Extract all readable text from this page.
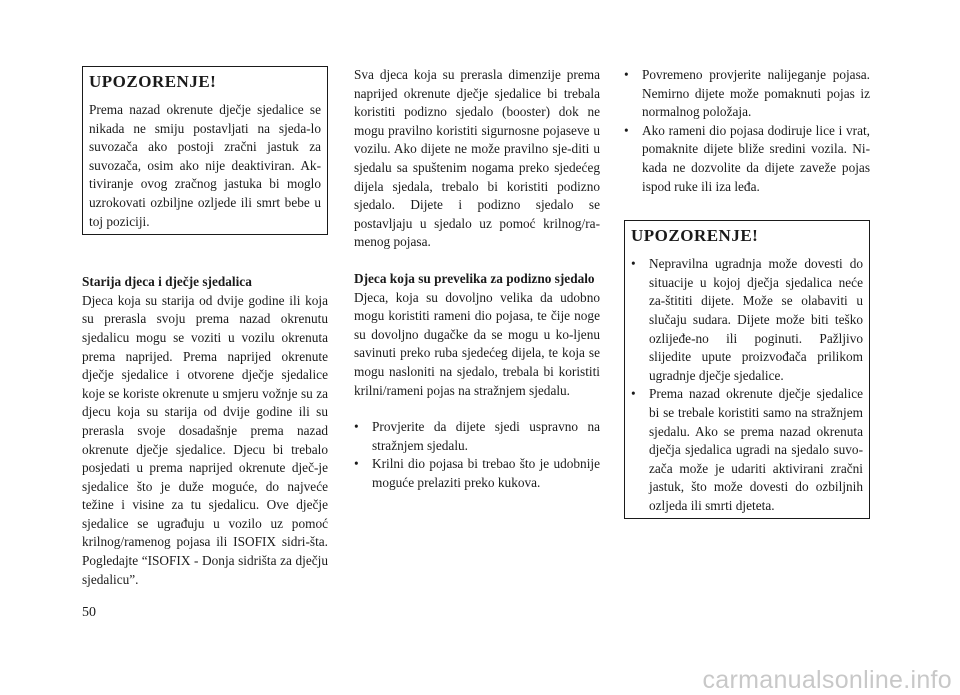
UPOZORENJE!

Prema nazad okrenute dječje sjedalice se nikada ne smiju postavljati na sjeda-lo suvozača ako postoji zračni jastuk za suvozača, osim ako nije deaktiviran. Ak-tiviranje ovog zračnog jastuka bi moglo uzrokovati ozbiljne ozljede ili smrt bebe u toj poziciji.

Starija djeca i dječje sjedalica

Djeca koja su starija od dvije godine ili koja su prerasla svoju prema nazad okrenutu sjedalicu mogu se voziti u vozilu okrenuta prema naprijed. Prema naprijed okrenute dječje sjedalice i otvorene dječje sjedalice koje se koriste okrenute u smjeru vožnje su za djecu koja su starija od dvije godine ili su prerasla svoje dosadašnje prema nazad okrenute dječje sjedalice. Djecu bi trebalo posjedati u prema naprijed okrenute dječ-je sjedalice što je duže moguće, do najveće težine i visine za tu sjedalicu. Ove dječje sjedalice se ugrađuju u vozilo uz pomoć krilnog/ramenog pojasa ili ISOFIX sidri-šta. Pogledajte “ISOFIX - Donja sidrišta za dječju sjedalicu”.

Sva djeca koja su prerasla dimenzije prema naprijed okrenute dječje sjedalice bi trebala koristiti podizno sjedalo (booster) dok ne mogu pravilno koristiti sigurnosne pojaseve u vozilu. Ako dijete ne može pravilno sje-diti u sjedalu sa spuštenim nogama preko sjedećeg dijela sjedala, trebalo bi koristiti podizno sjedalo. Dijete i podizno sjedalo se postavljaju u sjedalo uz pomoć krilnog/ra-menog pojasa.

Djeca koja su prevelika za podizno sjedalo

Djeca, koja su dovoljno velika da udobno mogu koristiti rameni dio pojasa, te čije noge su dovoljno dugačke da se mogu u ko-ljenu savinuti preko ruba sjedećeg dijela, te koja se mogu nasloniti na sjedalo, trebala bi koristiti krilni/rameni pojas na stražnjem sjedalu.

•	Provjerite da dijete sjedi uspravno na stražnjem sjedalu.
•	Krilni dio pojasa bi trebao što je udobnije moguće prelaziti preko kukova.
•	Povremeno provjerite nalijeganje pojasa. Nemirno dijete može pomaknuti pojas iz normalnog položaja.
•	Ako rameni dio pojasa dodiruje lice i vrat, pomaknite dijete bliže sredini vozila. Ni-kada ne dozvolite da dijete zaveže pojas ispod ruke ili iza leđa.
UPOZORENJE!
•	Nepravilna ugradnja može dovesti do situacije u kojoj dječja sjedalica neće za-štititi dijete. Može se olabaviti u slučaju sudara. Dijete može biti teško ozlijeđe-no ili poginuti. Pažljivo slijedite upute proizvođača prilikom ugradnje dječje sjedalice.
•	Prema nazad okrenute dječje sjedalice bi se trebale koristiti samo na stražnjem sjedalu. Ako se prema nazad okrenuta dječja sjedalica ugradi na sjedalo suvo-zača može je udariti aktivirani zračni jastuk, što može dovesti do ozbiljnih ozljeda ili smrti djeteta.
50
carmanualsonline.info
